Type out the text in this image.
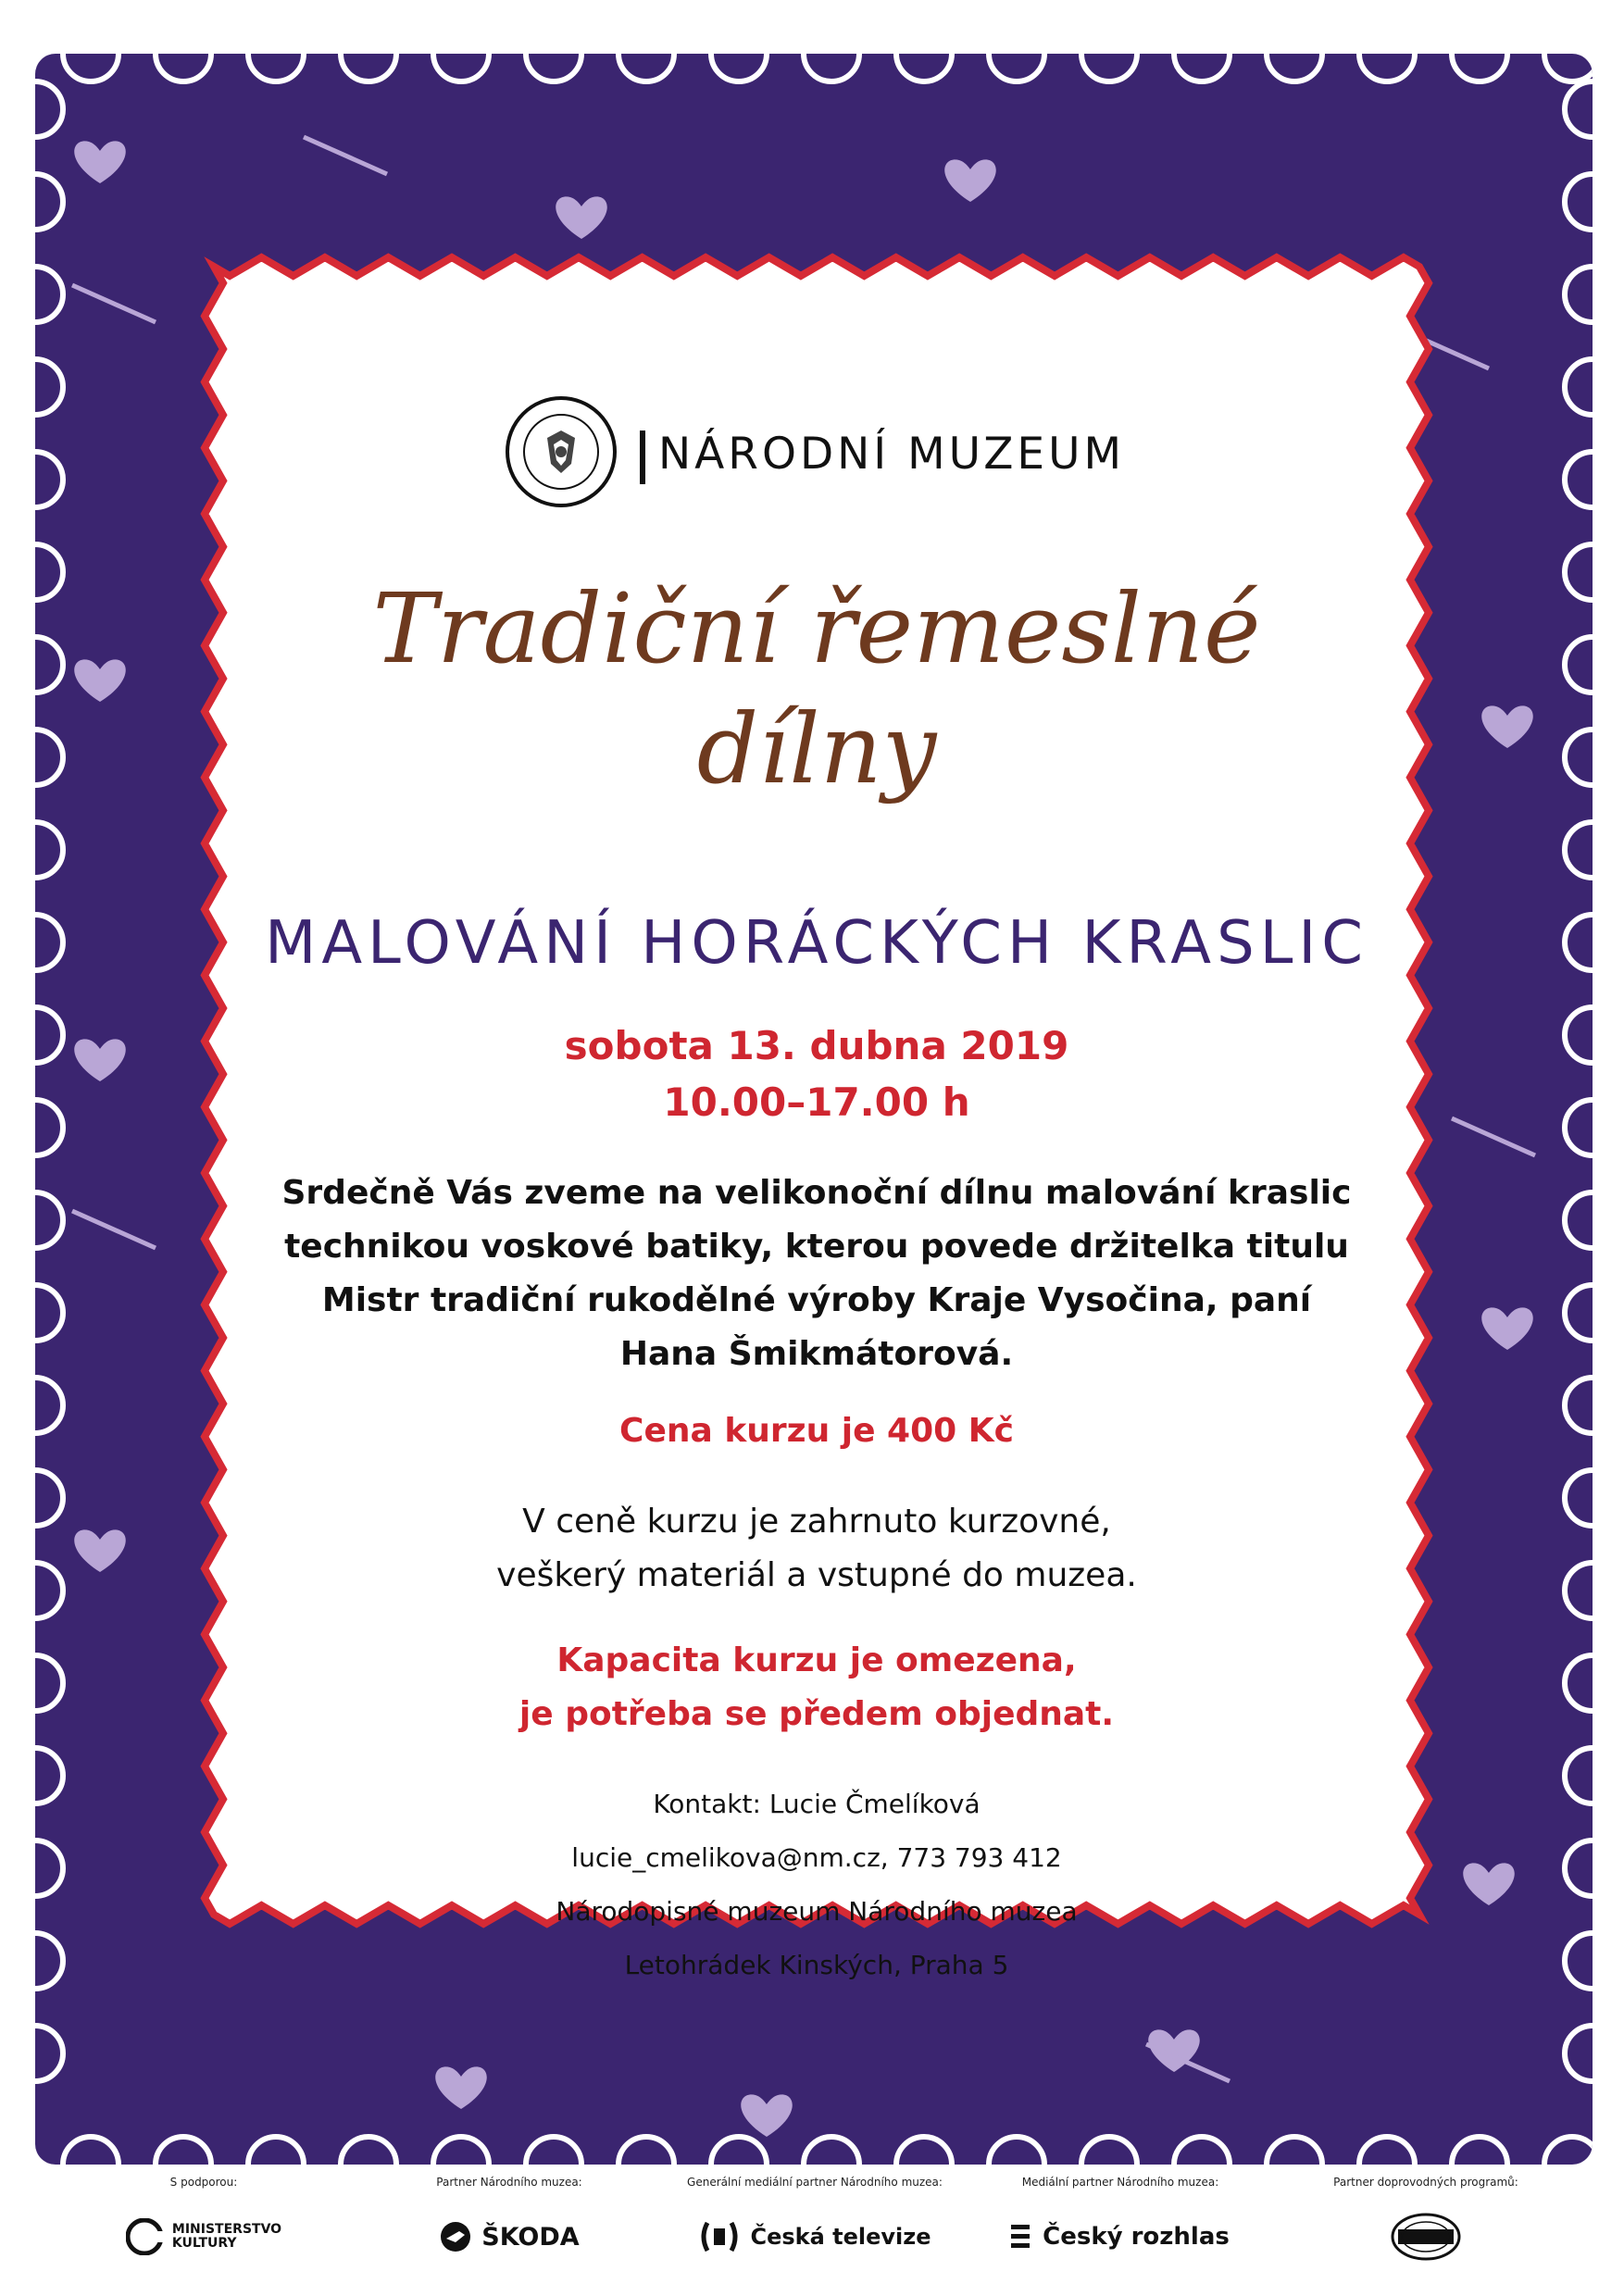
NÁRODNÍ MUZEUM
Tradiční řemeslné
dílny
MALOVÁNÍ HORÁCKÝCH KRASLIC
sobota 13. dubna 2019
10.00–17.00 h
Srdečně Vás zveme na velikonoční dílnu malování kraslic
technikou voskové batiky, kterou povede držitelka titulu
Mistr tradiční rukodělné výroby Kraje Vysočina, paní
Hana Šmikmátorová.
Cena kurzu je 400 Kč
V ceně kurzu je zahrnuto kurzovné,
veškerý materiál a vstupné do muzea.
Kapacita kurzu je omezena,
je potřeba se předem objednat.
Kontakt: Lucie Čmelíková
lucie_cmelikova@nm.cz, 773 793 412
Národopisné muzeum Národního muzea
Letohrádek Kinských, Praha 5
S podporou:
MINISTERSTVO
KULTURY
Partner Národního muzea:
ŠKODA
Generální mediální partner Národního muzea:
Česká televize
Mediální partner Národního muzea:
Český rozhlas
Partner doprovodných programů:
